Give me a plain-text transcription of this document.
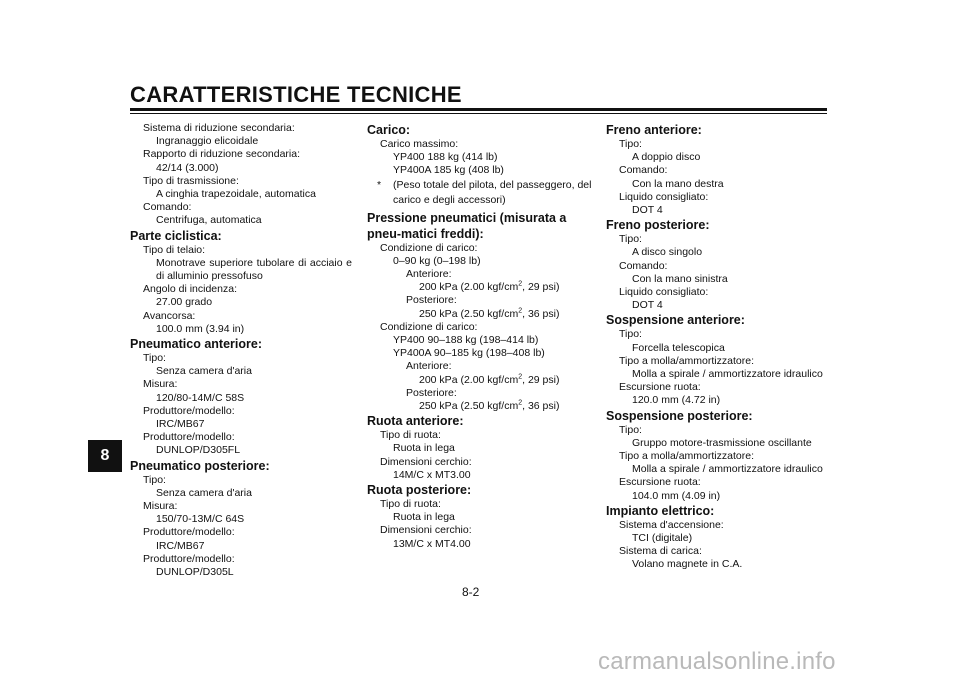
CARATTERISTICHE TECNICHE
8
Sistema di riduzione secondaria:
Ingranaggio elicoidale
Rapporto di riduzione secondaria:
42/14 (3.000)
Tipo di trasmissione:
A cinghia trapezoidale, automatica
Comando:
Centrifuga, automatica
Parte ciclistica:
Tipo di telaio:
Monotrave superiore tubolare di acciaio e di alluminio pressofuso
Angolo di incidenza:
27.00 grado
Avancorsa:
100.0 mm (3.94 in)
Pneumatico anteriore:
Tipo:
Senza camera d'aria
Misura:
120/80-14M/C 58S
Produttore/modello:
IRC/MB67
Produttore/modello:
DUNLOP/D305FL
Pneumatico posteriore:
Tipo:
Senza camera d'aria
Misura:
150/70-13M/C 64S
Produttore/modello:
IRC/MB67
Produttore/modello:
DUNLOP/D305L
Carico:
Carico massimo:
YP400 188 kg (414 lb)
YP400A 185 kg (408 lb)
* (Peso totale del pilota, del passeggero, del carico e degli accessori)
Pressione pneumatici (misurata a pneu-matici freddi):
Condizione di carico:
0–90 kg (0–198 lb)
Anteriore:
200 kPa (2.00 kgf/$cm^2$, 29 psi)
Posteriore:
250 kPa (2.50 kgf/$cm^2$, 36 psi)
Condizione di carico:
YP400 90–188 kg (198–414 lb)
YP400A 90–185 kg (198–408 lb)
Anteriore:
200 kPa (2.00 kgf/$cm^2$, 29 psi)
Posteriore:
250 kPa (2.50 kgf/$cm^2$, 36 psi)
Ruota anteriore:
Tipo di ruota:
Ruota in lega
Dimensioni cerchio:
14M/C x MT3.00
Ruota posteriore:
Tipo di ruota:
Ruota in lega
Dimensioni cerchio:
13M/C x MT4.00
Freno anteriore:
Tipo:
A doppio disco
Comando:
Con la mano destra
Liquido consigliato:
DOT 4
Freno posteriore:
Tipo:
A disco singolo
Comando:
Con la mano sinistra
Liquido consigliato:
DOT 4
Sospensione anteriore:
Tipo:
Forcella telescopica
Tipo a molla/ammortizzatore:
Molla a spirale / ammortizzatore idraulico
Escursione ruota:
120.0 mm (4.72 in)
Sospensione posteriore:
Tipo:
Gruppo motore-trasmissione oscillante
Tipo a molla/ammortizzatore:
Molla a spirale / ammortizzatore idraulico
Escursione ruota:
104.0 mm (4.09 in)
Impianto elettrico:
Sistema d'accensione:
TCI (digitale)
Sistema di carica:
Volano magnete in C.A.
8-2
carmanualsonline.info
